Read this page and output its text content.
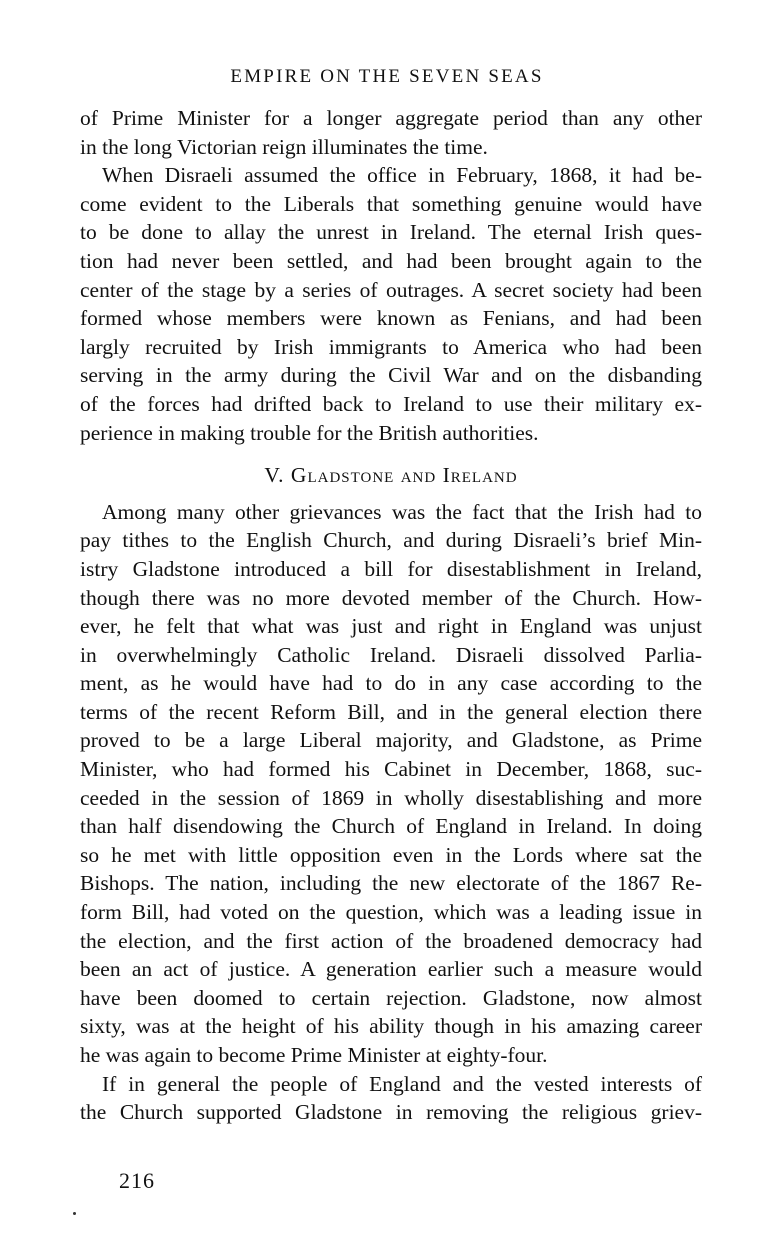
EMPIRE ON THE SEVEN SEAS
of Prime Minister for a longer aggregate period than any other
in the long Victorian reign illuminates the time.
When Disraeli assumed the office in February, 1868, it had be-
come evident to the Liberals that something genuine would have
to be done to allay the unrest in Ireland. The eternal Irish ques-
tion had never been settled, and had been brought again to the
center of the stage by a series of outrages. A secret society had been
formed whose members were known as Fenians, and had been
largly recruited by Irish immigrants to America who had been
serving in the army during the Civil War and on the disbanding
of the forces had drifted back to Ireland to use their military ex-
perience in making trouble for the British authorities.
V. Gladstone and Ireland
Among many other grievances was the fact that the Irish had to
pay tithes to the English Church, and during Disraeli’s brief Min-
istry Gladstone introduced a bill for disestablishment in Ireland,
though there was no more devoted member of the Church. How-
ever, he felt that what was just and right in England was unjust
in overwhelmingly Catholic Ireland. Disraeli dissolved Parlia-
ment, as he would have had to do in any case according to the
terms of the recent Reform Bill, and in the general election there
proved to be a large Liberal majority, and Gladstone, as Prime
Minister, who had formed his Cabinet in December, 1868, suc-
ceeded in the session of 1869 in wholly disestablishing and more
than half disendowing the Church of England in Ireland. In doing
so he met with little opposition even in the Lords where sat the
Bishops. The nation, including the new electorate of the 1867 Re-
form Bill, had voted on the question, which was a leading issue in
the election, and the first action of the broadened democracy had
been an act of justice. A generation earlier such a measure would
have been doomed to certain rejection. Gladstone, now almost
sixty, was at the height of his ability though in his amazing career
he was again to become Prime Minister at eighty-four.
If in general the people of England and the vested interests of
the Church supported Gladstone in removing the religious griev-
216
